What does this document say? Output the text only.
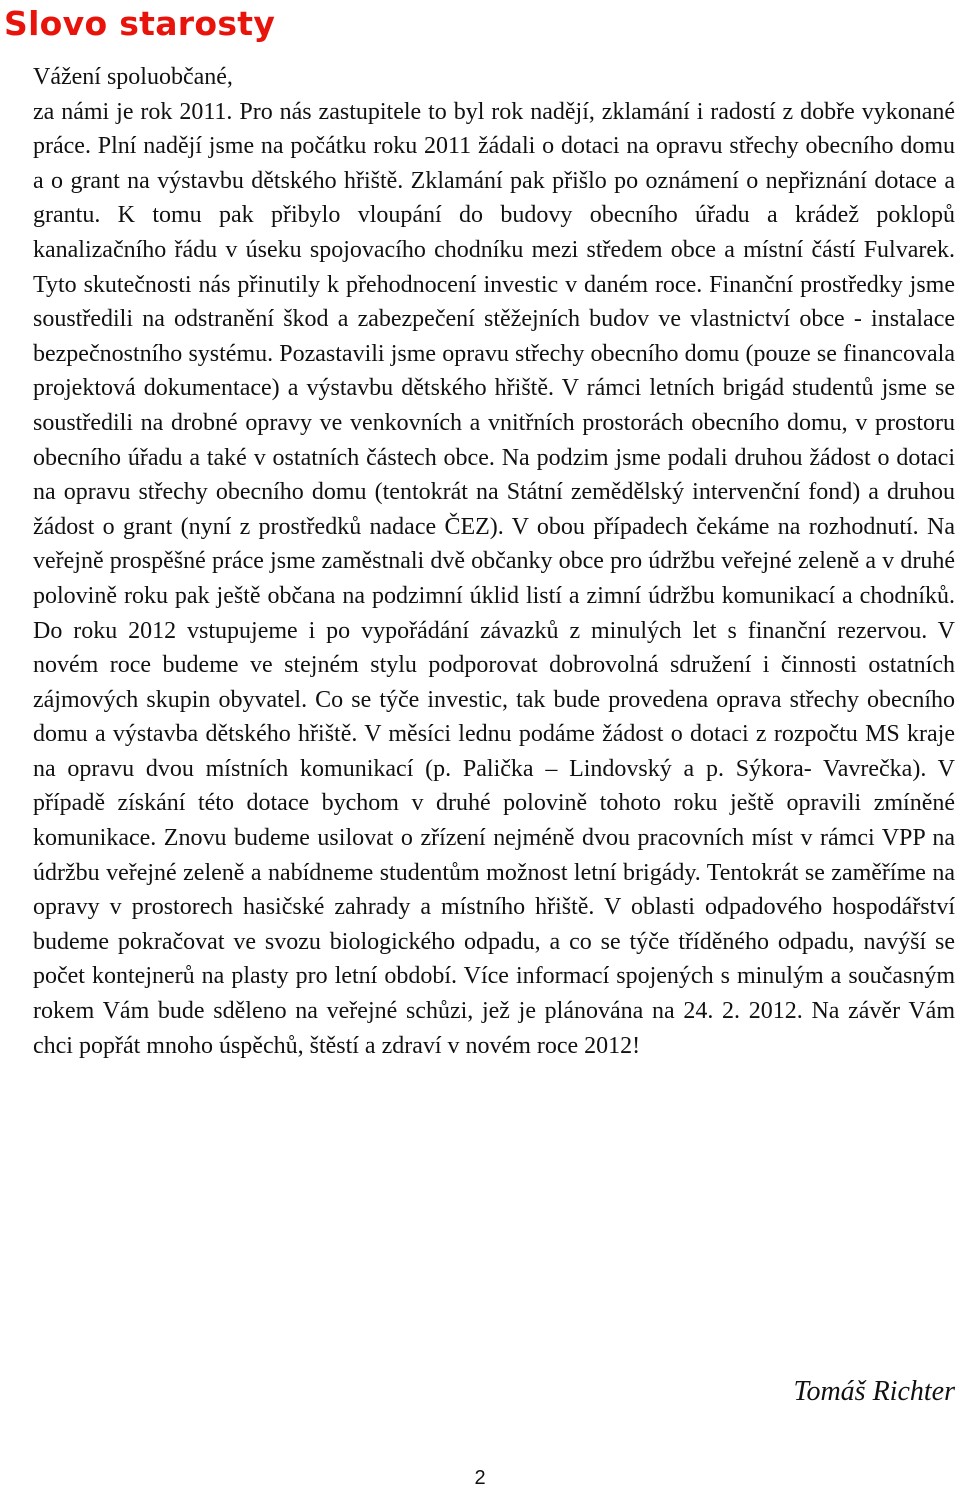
Slovo starosty

Vážení spoluobčané,

za námi je rok 2011. Pro nás zastupitele to byl rok nadějí, zklamání i radostí z dobře vykonané práce. Plní nadějí jsme na počátku roku 2011 žádali o dotaci na opravu střechy obecního domu a o grant na výstavbu dětského hřiště. Zklamání pak přišlo po oznámení o nepřiznání dotace a grantu. K tomu pak přibylo vloupání do budovy obecního úřadu a krádež poklopů kanalizačního řádu v úseku spojovacího chodníku mezi středem obce a místní částí Fulvarek. Tyto skutečnosti nás přinutily k přehodnocení investic v daném roce. Finanční prostředky jsme soustředili na odstranění škod a zabezpečení stěžejních budov ve vlastnictví obce - instalace bezpečnostního systému. Pozastavili jsme opravu střechy obecního domu (pouze se financovala projektová dokumentace) a výstavbu dětského hřiště. V rámci letních brigád studentů jsme se soustředili na drobné opravy ve venkovních a vnitřních prostorách obecního domu, v prostoru obecního úřadu a také v ostatních částech obce. Na podzim jsme podali druhou žádost o dotaci na opravu střechy obecního domu (tentokrát na Státní zemědělský intervenční fond) a druhou žádost o grant (nyní z prostředků nadace ČEZ). V obou případech čekáme na rozhodnutí. Na veřejně prospěšné práce jsme zaměstnali dvě občanky obce pro údržbu veřejné zeleně a v druhé polovině roku pak ještě občana na podzimní úklid listí a zimní údržbu komunikací a chodníků. Do roku 2012 vstupujeme i po vypořádání závazků z minulých let s finanční rezervou. V novém roce budeme ve stejném stylu podporovat dobrovolná sdružení i činnosti ostatních zájmových skupin obyvatel. Co se týče investic, tak bude provedena oprava střechy obecního domu a výstavba dětského hřiště. V měsíci lednu podáme žádost o dotaci z rozpočtu MS kraje na opravu dvou místních komunikací (p. Palička – Lindovský a p. Sýkora- Vavrečka). V případě získání této dotace bychom v druhé polovině tohoto roku ještě opravili zmíněné komunikace. Znovu budeme usilovat o zřízení nejméně dvou pracovních míst v rámci VPP na údržbu veřejné zeleně a nabídneme studentům možnost letní brigády. Tentokrát se zaměříme na opravy v prostorech hasičské zahrady a místního hřiště. V oblasti odpadového hospodářství budeme pokračovat ve svozu biologického odpadu, a co se týče tříděného odpadu, navýší se počet kontejnerů na plasty pro letní období. Více informací spojených s minulým a současným rokem Vám bude sděleno na veřejné schůzi, jež je plánována na 24. 2. 2012. Na závěr Vám chci popřát mnoho úspěchů, štěstí a zdraví v novém roce 2012!

Tomáš Richter

2
